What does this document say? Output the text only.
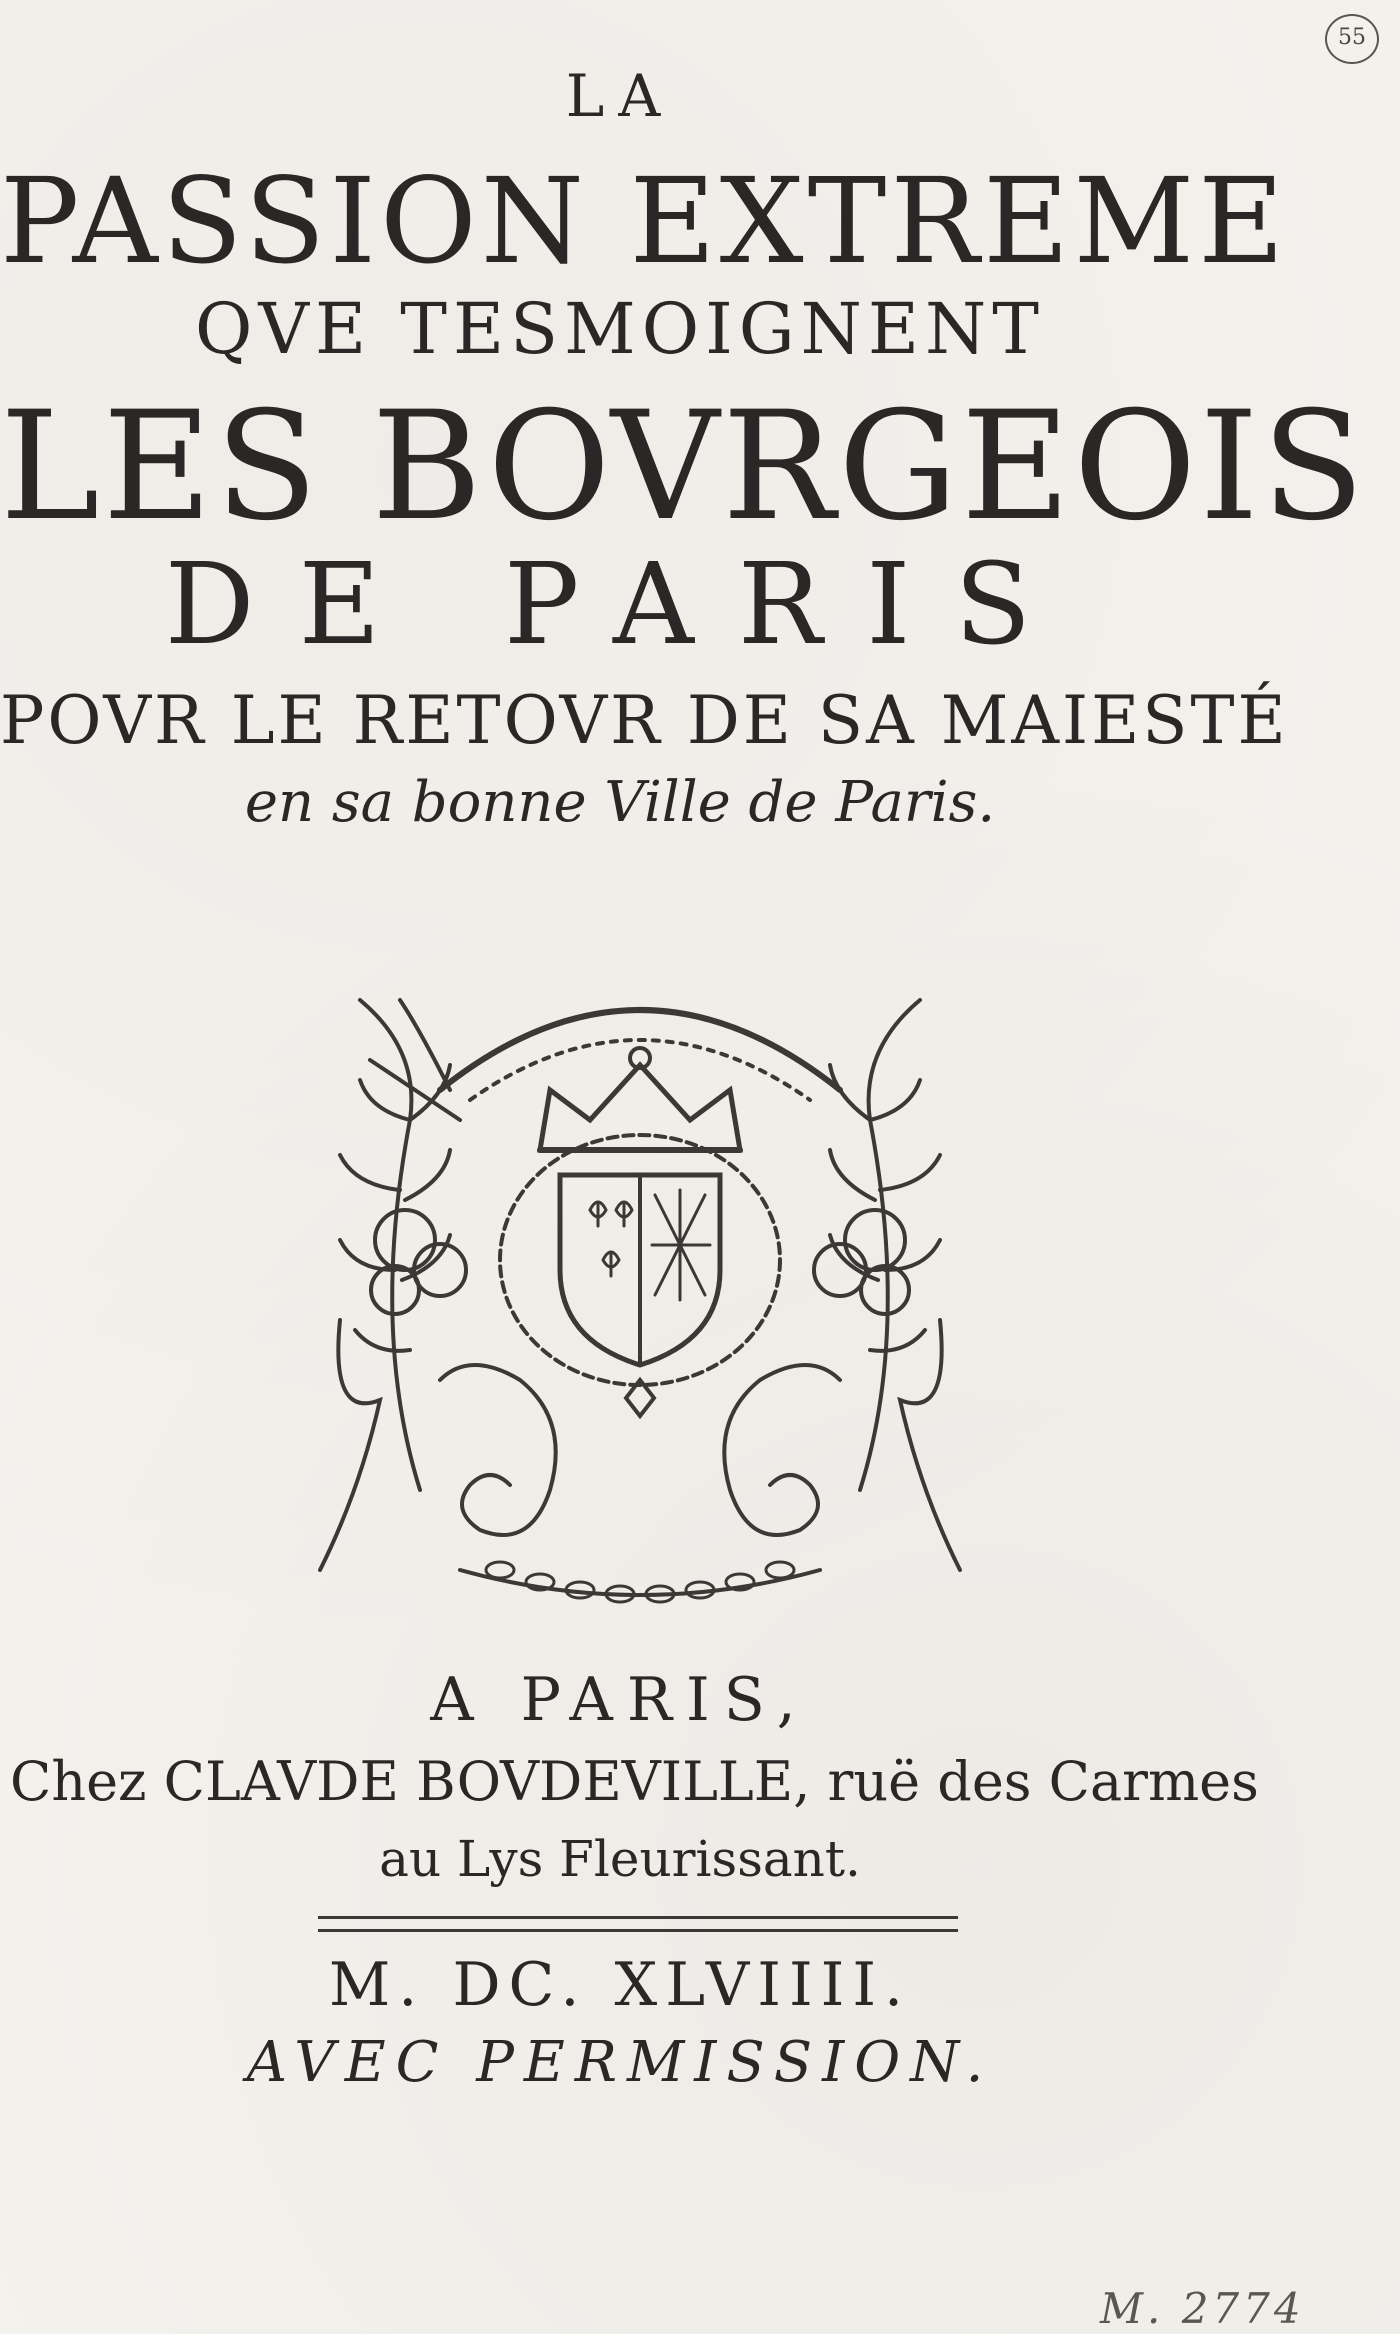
55
LA
PASSION EXTREME
QVE TESMOIGNENT
LES BOVRGEOIS
DE PARIS
POVR LE RETOVR DE SA MAIESTÉ
en sa bonne Ville de Paris.
A PARIS,
Chez CLAVDE BOVDEVILLE, ruë des Carmes
au Lys Fleurissant.
M. DC. XLVIIII.
AVEC PERMISSION.
M. 2774
